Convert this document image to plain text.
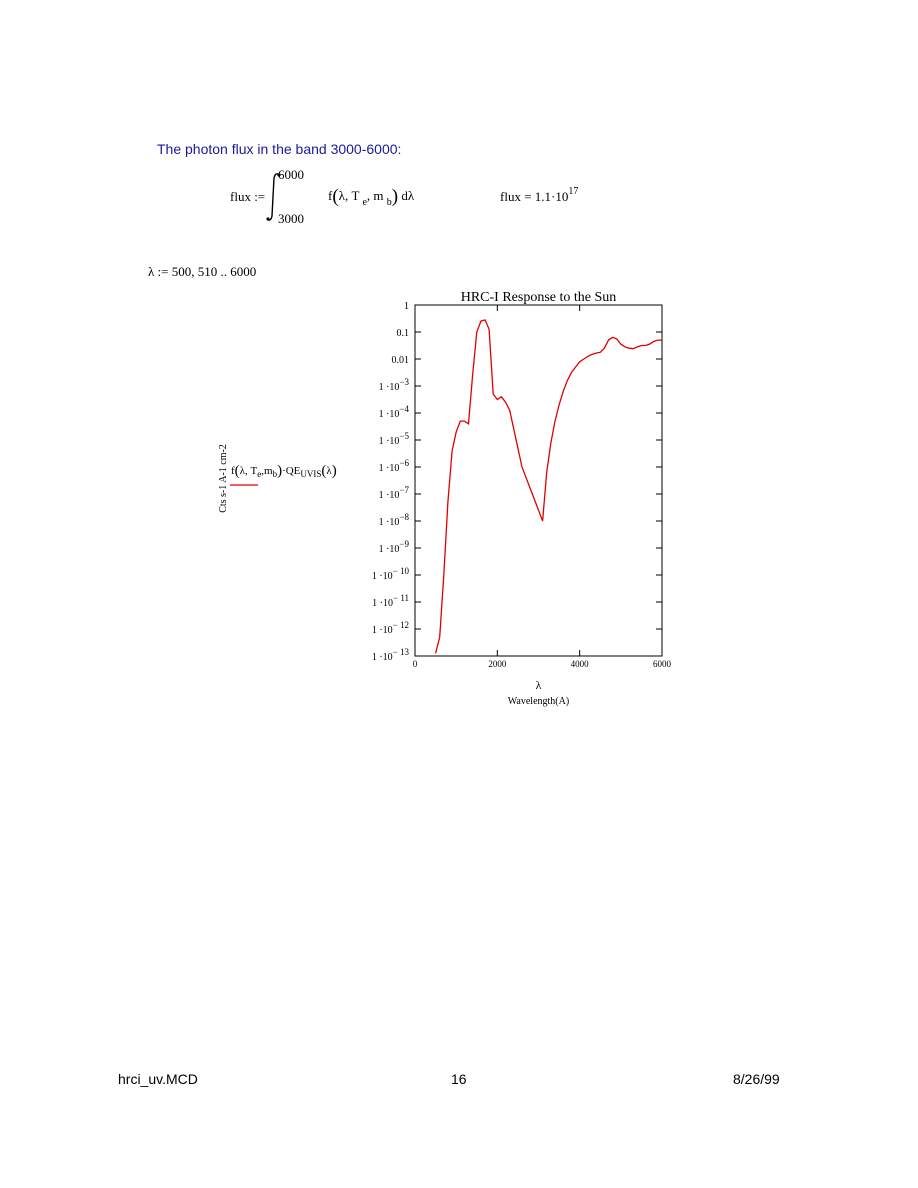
The photon flux in the band 3000-6000:
flux :=
6000
3000
f(λ, T $_e$, m $_b$) dλ	flux = $1.1\cdot 10^{17}$
λ := 500, 510 .. 6000
HRC-I Response to the Sun
1
0.1
0.01
1 ·10−3
1 ·10−4
1 ·10−5
1 ·10−6
1 ·10−7
1 ·10−8
1 ·10−9
1 ·10− 10
1 ·10− 11
1 ·10− 12
1 ·10− 13
0	2000	4000	6000
λ
Wavelength(A)
Cts s-1 A-1 cm-2 f(λ, $T_e,m_b)\cdot QE_{UVIS}(\lambda)$
hrci_uv.MCD	16	8/26/99
